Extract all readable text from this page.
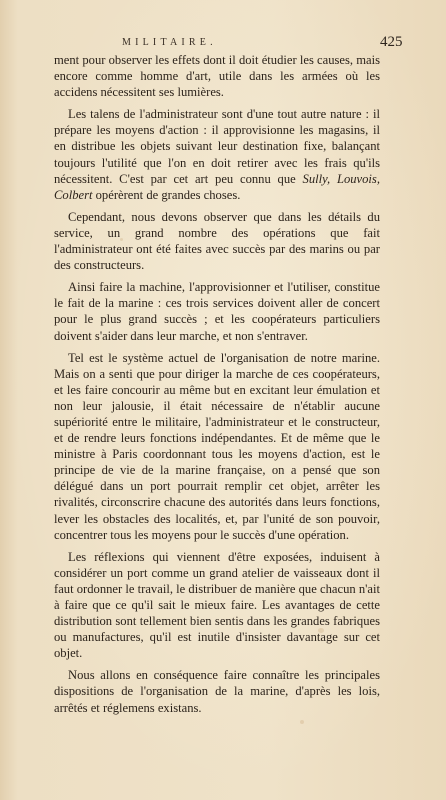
MILITAIRE.	425

ment pour observer les effets dont il doit étudier les causes, mais encore comme homme d'art, utile dans les armées où les accidens nécessitent ses lumières.

Les talens de l'administrateur sont d'une tout autre nature : il prépare les moyens d'action : il approvisionne les magasins, il en distribue les objets suivant leur destination fixe, balançant toujours l'utilité que l'on en doit retirer avec les frais qu'ils nécessitent. C'est par cet art peu connu que Sully, Louvois, Colbert opérèrent de grandes choses.

Cependant, nous devons observer que dans les détails du service, un grand nombre des opérations que fait l'administrateur ont été faites avec succès par des marins ou par des constructeurs.

Ainsi faire la machine, l'approvisionner et l'utiliser, constitue le fait de la marine : ces trois services doivent aller de concert pour le plus grand succès ; et les coopérateurs particuliers doivent s'aider dans leur marche, et non s'entraver.

Tel est le système actuel de l'organisation de notre marine. Mais on a senti que pour diriger la marche de ces coopérateurs, et les faire concourir au même but en excitant leur émulation et non leur jalousie, il était nécessaire de n'établir aucune supériorité entre le militaire, l'administrateur et le constructeur, et de rendre leurs fonctions indépendantes. Et de même que le ministre à Paris coordonnant tous les moyens d'action, est le principe de vie de la marine française, on a pensé que son délégué dans un port pourrait remplir cet objet, arrêter les rivalités, circonscrire chacune des autorités dans leurs fonctions, lever les obstacles des localités, et, par l'unité de son pouvoir, concentrer tous les moyens pour le succès d'une opération.

Les réflexions qui viennent d'être exposées, induisent à considérer un port comme un grand atelier de vaisseaux dont il faut ordonner le travail, le distribuer de manière que chacun n'ait à faire que ce qu'il sait le mieux faire. Les avantages de cette distribution sont tellement bien sentis dans les grandes fabriques ou manufactures, qu'il est inutile d'insister davantage sur cet objet.

Nous allons en conséquence faire connaître les principales dispositions de l'organisation de la marine, d'après les lois, arrêtés et réglemens existans.
